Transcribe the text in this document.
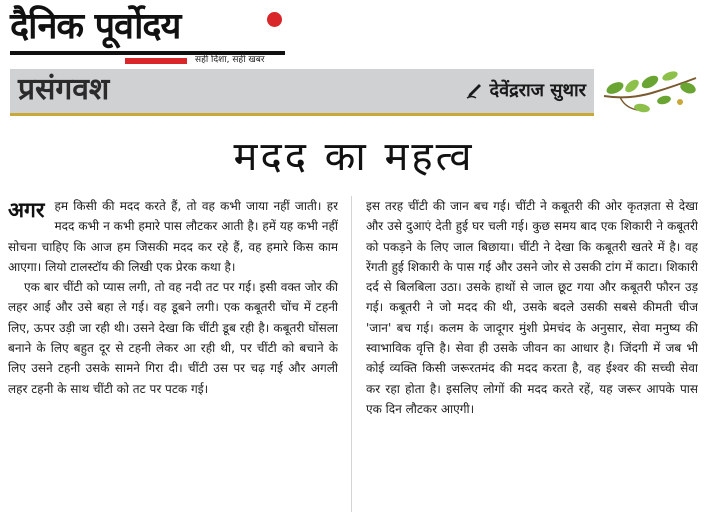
दैनिक पूर्वोदय
सही दिशा, सही खबर
प्रसंगवश	देवेंद्रराज सुथार
मदद का महत्व

अगर हम किसी की मदद करते हैं, तो वह कभी जाया नहीं जाती। हर मदद कभी न कभी हमारे पास लौटकर आती है। हमें यह कभी नहीं सोचना चाहिए कि आज हम जिसकी मदद कर रहे हैं, वह हमारे किस काम आएगा। लियो टालस्टॉय की लिखी एक प्रेरक कथा है।

एक बार चींटी को प्यास लगी, तो वह नदी तट पर गई। इसी वक्त जोर की लहर आई और उसे बहा ले गई। वह डूबने लगी। एक कबूतरी चोंच में टहनी लिए, ऊपर उड़ी जा रही थी। उसने देखा कि चींटी डूब रही है। कबूतरी घोंसला बनाने के लिए बहुत दूर से टहनी लेकर आ रही थी, पर चींटी को बचाने के लिए उसने टहनी उसके सामने गिरा दी। चींटी उस पर चढ़ गई और अगली लहर टहनी के साथ चींटी को तट पर पटक गई।

इस तरह चींटी की जान बच गई। चींटी ने कबूतरी की ओर कृतज्ञता से देखा और उसे दुआएं देती हुई घर चली गई। कुछ समय बाद एक शिकारी ने कबूतरी को पकड़ने के लिए जाल बिछाया। चींटी ने देखा कि कबूतरी खतरे में है। वह रेंगती हुई शिकारी के पास गई और उसने जोर से उसकी टांग में काटा। शिकारी दर्द से बिलबिला उठा। उसके हाथों से जाल छूट गया और कबूतरी फौरन उड़ गई। कबूतरी ने जो मदद की थी, उसके बदले उसकी सबसे कीमती चीज 'जान' बच गई। कलम के जादूगर मुंशी प्रेमचंद के अनुसार, सेवा मनुष्य की स्वाभाविक वृत्ति है। सेवा ही उसके जीवन का आधार है। जिंदगी में जब भी कोई व्यक्ति किसी जरूरतमंद की मदद करता है, वह ईश्वर की सच्ची सेवा कर रहा होता है। इसलिए लोगों की मदद करते रहें, यह जरूर आपके पास एक दिन लौटकर आएगी।
